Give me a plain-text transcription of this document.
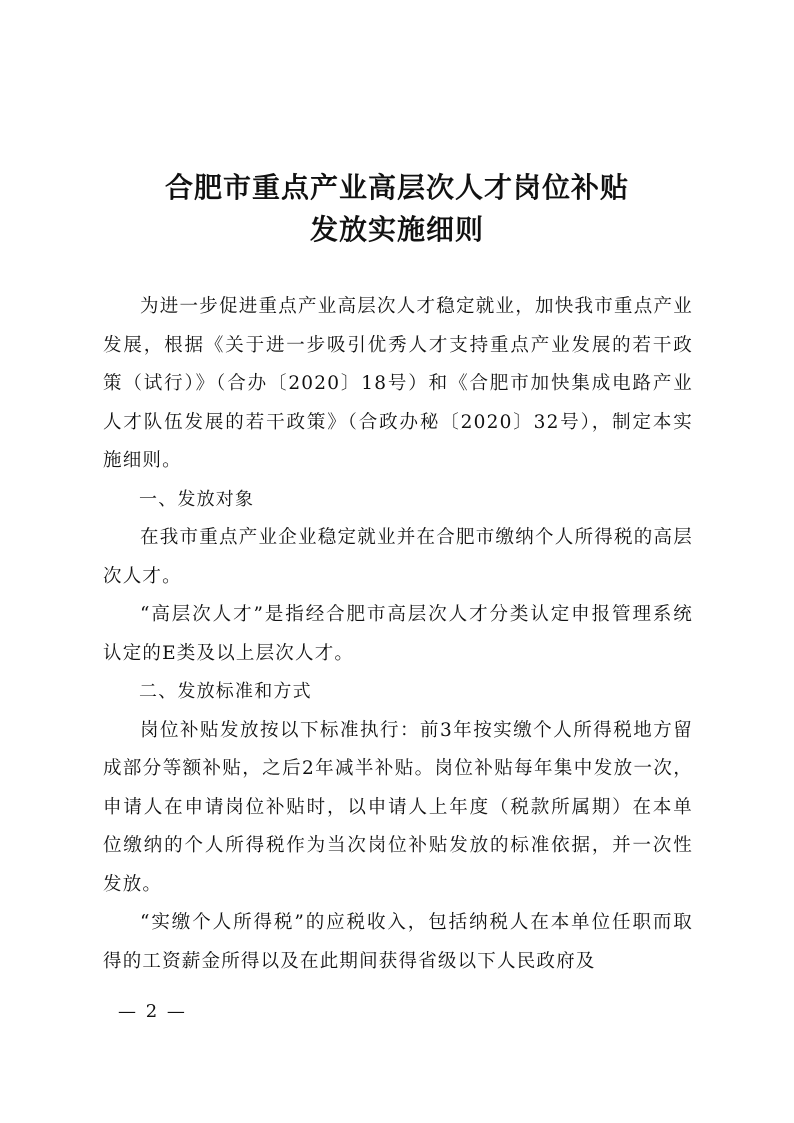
合肥市重点产业高层次人才岗位补贴
发放实施细则

为进一步促进重点产业高层次人才稳定就业，加快我市重点产业发展，根据《关于进一步吸引优秀人才支持重点产业发展的若干政策（试行）》（合办〔2020〕18号）和《合肥市加快集成电路产业人才队伍发展的若干政策》（合政办秘〔2020〕32号），制定本实施细则。

一、发放对象

在我市重点产业企业稳定就业并在合肥市缴纳个人所得税的高层次人才。

“高层次人才”是指经合肥市高层次人才分类认定申报管理系统认定的E类及以上层次人才。

二、发放标准和方式

岗位补贴发放按以下标准执行：前3年按实缴个人所得税地方留成部分等额补贴，之后2年减半补贴。岗位补贴每年集中发放一次，申请人在申请岗位补贴时，以申请人上年度（税款所属期）在本单位缴纳的个人所得税作为当次岗位补贴发放的标准依据，并一次性发放。

“实缴个人所得税”的应税收入，包括纳税人在本单位任职而取得的工资薪金所得以及在此期间获得省级以下人民政府及

— 2 —
